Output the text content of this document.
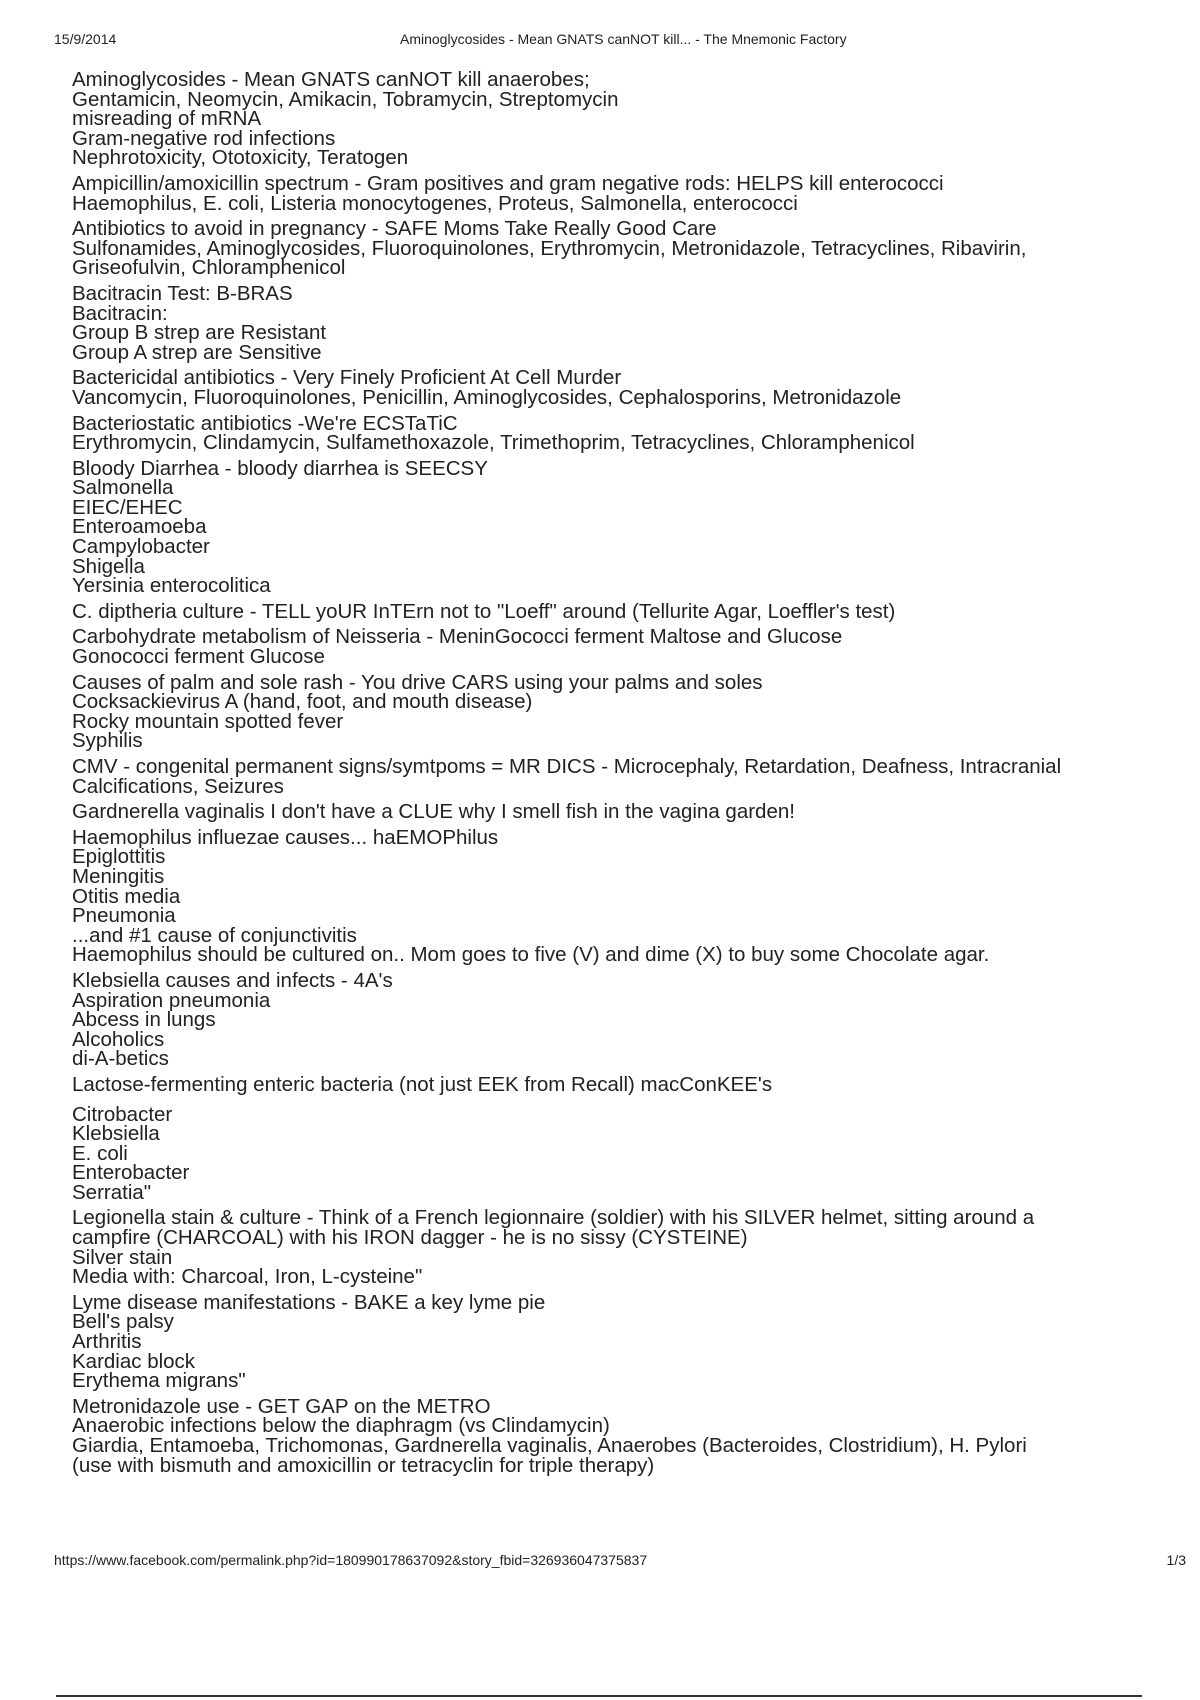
15/9/2014	Aminoglycosides - Mean GNATS canNOT kill... - The Mnemonic Factory
Aminoglycosides - Mean GNATS canNOT kill anaerobes;
Gentamicin, Neomycin, Amikacin, Tobramycin, Streptomycin
misreading of mRNA
Gram-negative rod infections
Nephrotoxicity, Ototoxicity, Teratogen
Ampicillin/amoxicillin spectrum - Gram positives and gram negative rods: HELPS kill enterococci
Haemophilus, E. coli, Listeria monocytogenes, Proteus, Salmonella, enterococci
Antibiotics to avoid in pregnancy - SAFE Moms Take Really Good Care
Sulfonamides, Aminoglycosides, Fluoroquinolones, Erythromycin, Metronidazole, Tetracyclines, Ribavirin,
Griseofulvin, Chloramphenicol
Bacitracin Test: B-BRAS
Bacitracin:
Group B strep are Resistant
Group A strep are Sensitive
Bactericidal antibiotics - Very Finely Proficient At Cell Murder
Vancomycin, Fluoroquinolones, Penicillin, Aminoglycosides, Cephalosporins, Metronidazole
Bacteriostatic antibiotics -We're ECSTaTiC
Erythromycin, Clindamycin, Sulfamethoxazole, Trimethoprim, Tetracyclines, Chloramphenicol
Bloody Diarrhea - bloody diarrhea is SEECSY
Salmonella
EIEC/EHEC
Enteroamoeba
Campylobacter
Shigella
Yersinia enterocolitica
C. diptheria culture - TELL yoUR InTErn not to "Loeff" around (Tellurite Agar, Loeffler's test)
Carbohydrate metabolism of Neisseria - MeninGococci ferment Maltose and Glucose
Gonococci ferment Glucose
Causes of palm and sole rash - You drive CARS using your palms and soles
Cocksackievirus A (hand, foot, and mouth disease)
Rocky mountain spotted fever
Syphilis
CMV - congenital permanent signs/symtpoms = MR DICS - Microcephaly, Retardation, Deafness, Intracranial
Calcifications, Seizures
Gardnerella vaginalis I don't have a CLUE why I smell fish in the vagina garden!
Haemophilus influezae causes... haEMOPhilus
Epiglottitis
Meningitis
Otitis media
Pneumonia
...and #1 cause of conjunctivitis
Haemophilus should be cultured on.. Mom goes to five (V) and dime (X) to buy some Chocolate agar.
Klebsiella causes and infects - 4A's
Aspiration pneumonia
Abcess in lungs
Alcoholics
di-A-betics
Lactose-fermenting enteric bacteria (not just EEK from Recall) macConKEE's
Citrobacter
Klebsiella
E. coli
Enterobacter
Serratia"
Legionella stain & culture - Think of a French legionnaire (soldier) with his SILVER helmet, sitting around a
campfire (CHARCOAL) with his IRON dagger - he is no sissy (CYSTEINE)
Silver stain
Media with: Charcoal, Iron, L-cysteine"
Lyme disease manifestations - BAKE a key lyme pie
Bell's palsy
Arthritis
Kardiac block
Erythema migrans"
Metronidazole use - GET GAP on the METRO
Anaerobic infections below the diaphragm (vs Clindamycin)
Giardia, Entamoeba, Trichomonas, Gardnerella vaginalis, Anaerobes (Bacteroides, Clostridium), H. Pylori
(use with bismuth and amoxicillin or tetracyclin for triple therapy)
https://www.facebook.com/permalink.php?id=180990178637092&story_fbid=326936047375837	1/3
